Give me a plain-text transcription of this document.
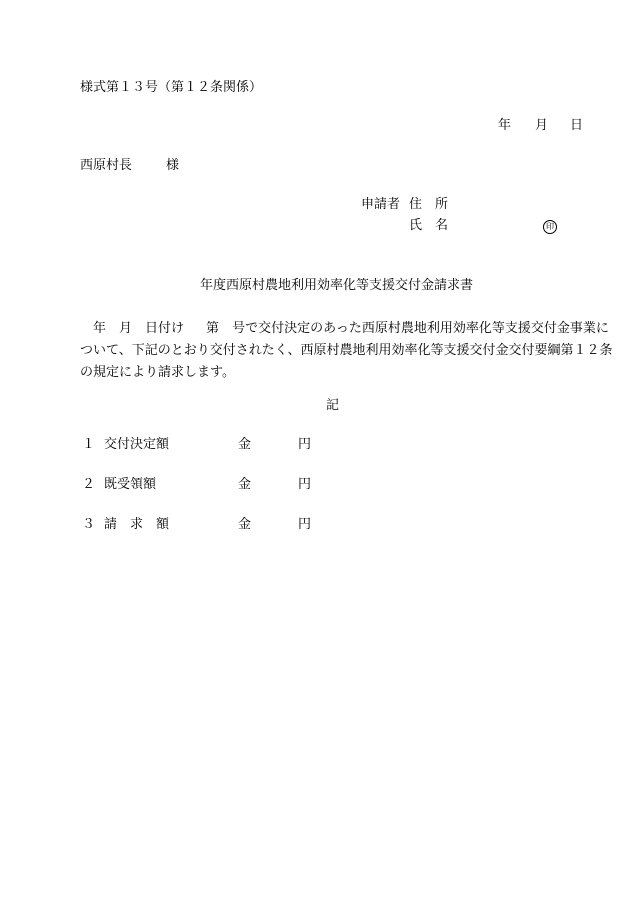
様式第１３号（第１２条関係）
年 月 日
西原村長	様
申請者 住　所
氏　名	印
年度西原村農地利用効率化等支援交付金請求書
年 月 日付け 第 号で交付決定のあった西原村農地利用効率化等支援交付金事業に
ついて、下記のとおり交付されたく、西原村農地利用効率化等支援交付金交付要綱第１２条
の規定により請求します。
記
１ 交付決定額	金	円
２ 既受領額	金	円
３ 請　求　額	金	円
